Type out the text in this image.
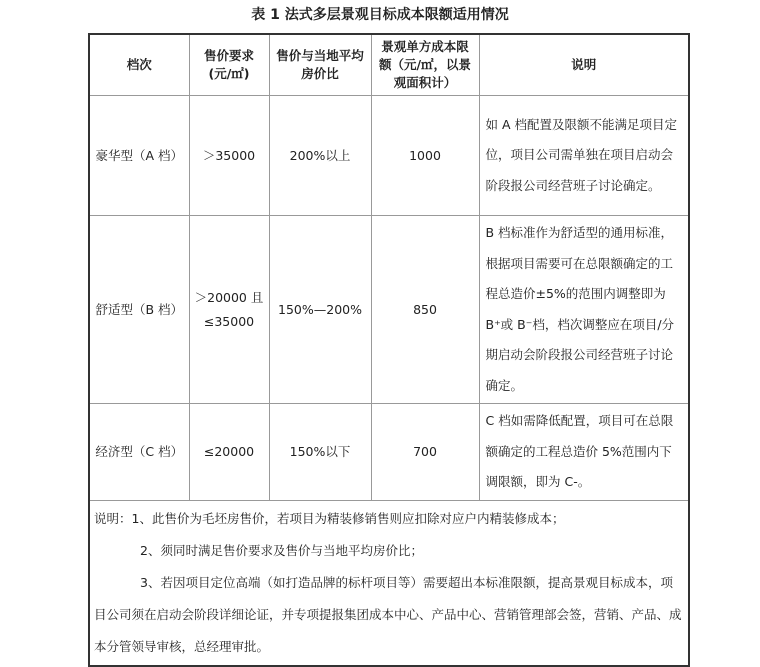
表 1 法式多层景观目标成本限额适用情况
档次	售价要求(元/㎡)	售价与当地平均房价比	景观单方成本限额（元/㎡，以景观面积计）	说明
豪华型（A 档）	＞35000	200%以上	1000	如 A 档配置及限额不能满足项目定位，项目公司需单独在项目启动会阶段报公司经营班子讨论确定。
舒适型（B 档）	＞20000 且≤35000	150%—200%	850	B 档标准作为舒适型的通用标准，根据项目需要可在总限额确定的工程总造价±5%的范围内调整即为 B⁺或 B⁻档，档次调整应在项目/分期启动会阶段报公司经营班子讨论确定。
经济型（C 档）	≤20000	150%以下	700	C 档如需降低配置，项目可在总限额确定的工程总造价 5%范围内下调限额，即为 C-。

说明：1、此售价为毛坯房售价，若项目为精装修销售则应扣除对应户内精装修成本；
2、须同时满足售价要求及售价与当地平均房价比；
3、若因项目定位高端（如打造品牌的标杆项目等）需要超出本标准限额，提高景观目标成本，项目公司须在启动会阶段详细论证，并专项提报集团成本中心、产品中心、营销管理部会签，营销、产品、成本分管领导审核，总经理审批。				
